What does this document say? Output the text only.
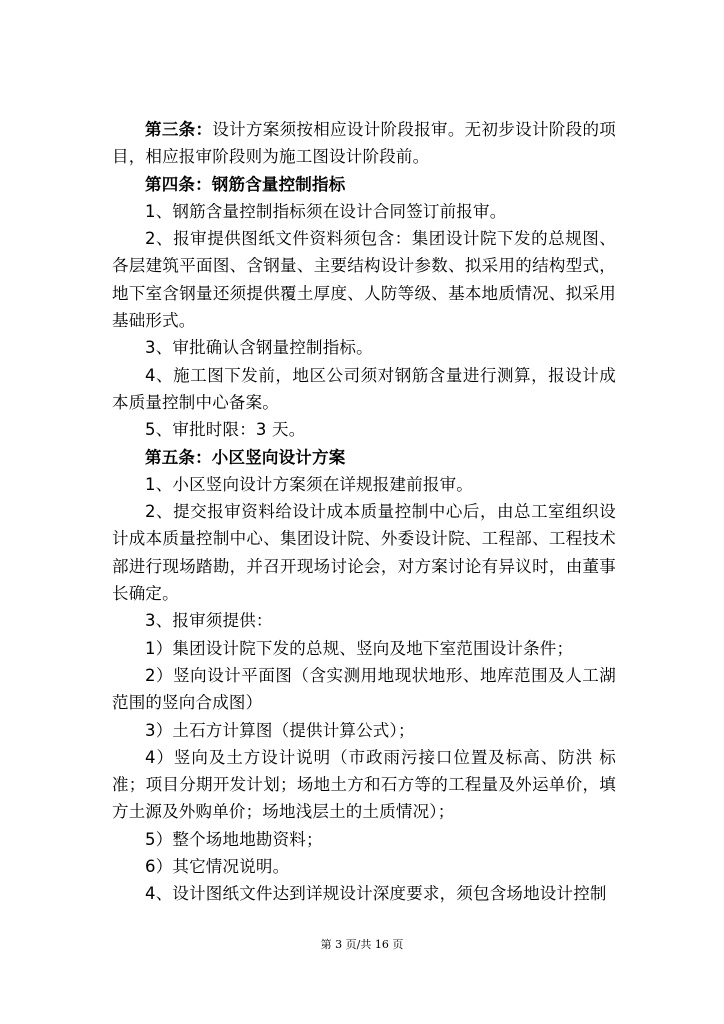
第三条：设计方案须按相应设计阶段报审。无初步设计阶段的项目，相应报审阶段则为施工图设计阶段前。

第四条：钢筋含量控制指标

1、钢筋含量控制指标须在设计合同签订前报审。

2、报审提供图纸文件资料须包含：集团设计院下发的总规图、各层建筑平面图、含钢量、主要结构设计参数、拟采用的结构型式，地下室含钢量还须提供覆土厚度、人防等级、基本地质情况、拟采用基础形式。

3、审批确认含钢量控制指标。

4、施工图下发前，地区公司须对钢筋含量进行测算，报设计成本质量控制中心备案。

5、审批时限：3 天。

第五条：小区竖向设计方案

1、小区竖向设计方案须在详规报建前报审。

2、提交报审资料给设计成本质量控制中心后，由总工室组织设计成本质量控制中心、集团设计院、外委设计院、工程部、工程技术部进行现场踏勘，并召开现场讨论会，对方案讨论有异议时，由董事长确定。

3、报审须提供：

1）集团设计院下发的总规、竖向及地下室范围设计条件；

2）竖向设计平面图（含实测用地现状地形、地库范围及人工湖范围的竖向合成图）

3）土石方计算图（提供计算公式）；

4）竖向及土方设计说明（市政雨污接口位置及标高、防洪 标准；项目分期开发计划；场地土方和石方等的工程量及外运单价，填方土源及外购单价；场地浅层土的土质情况）；

5）整个场地地勘资料；

6）其它情况说明。

4、设计图纸文件达到详规设计深度要求，须包含场地设计控制

第 3 页/共 16 页
